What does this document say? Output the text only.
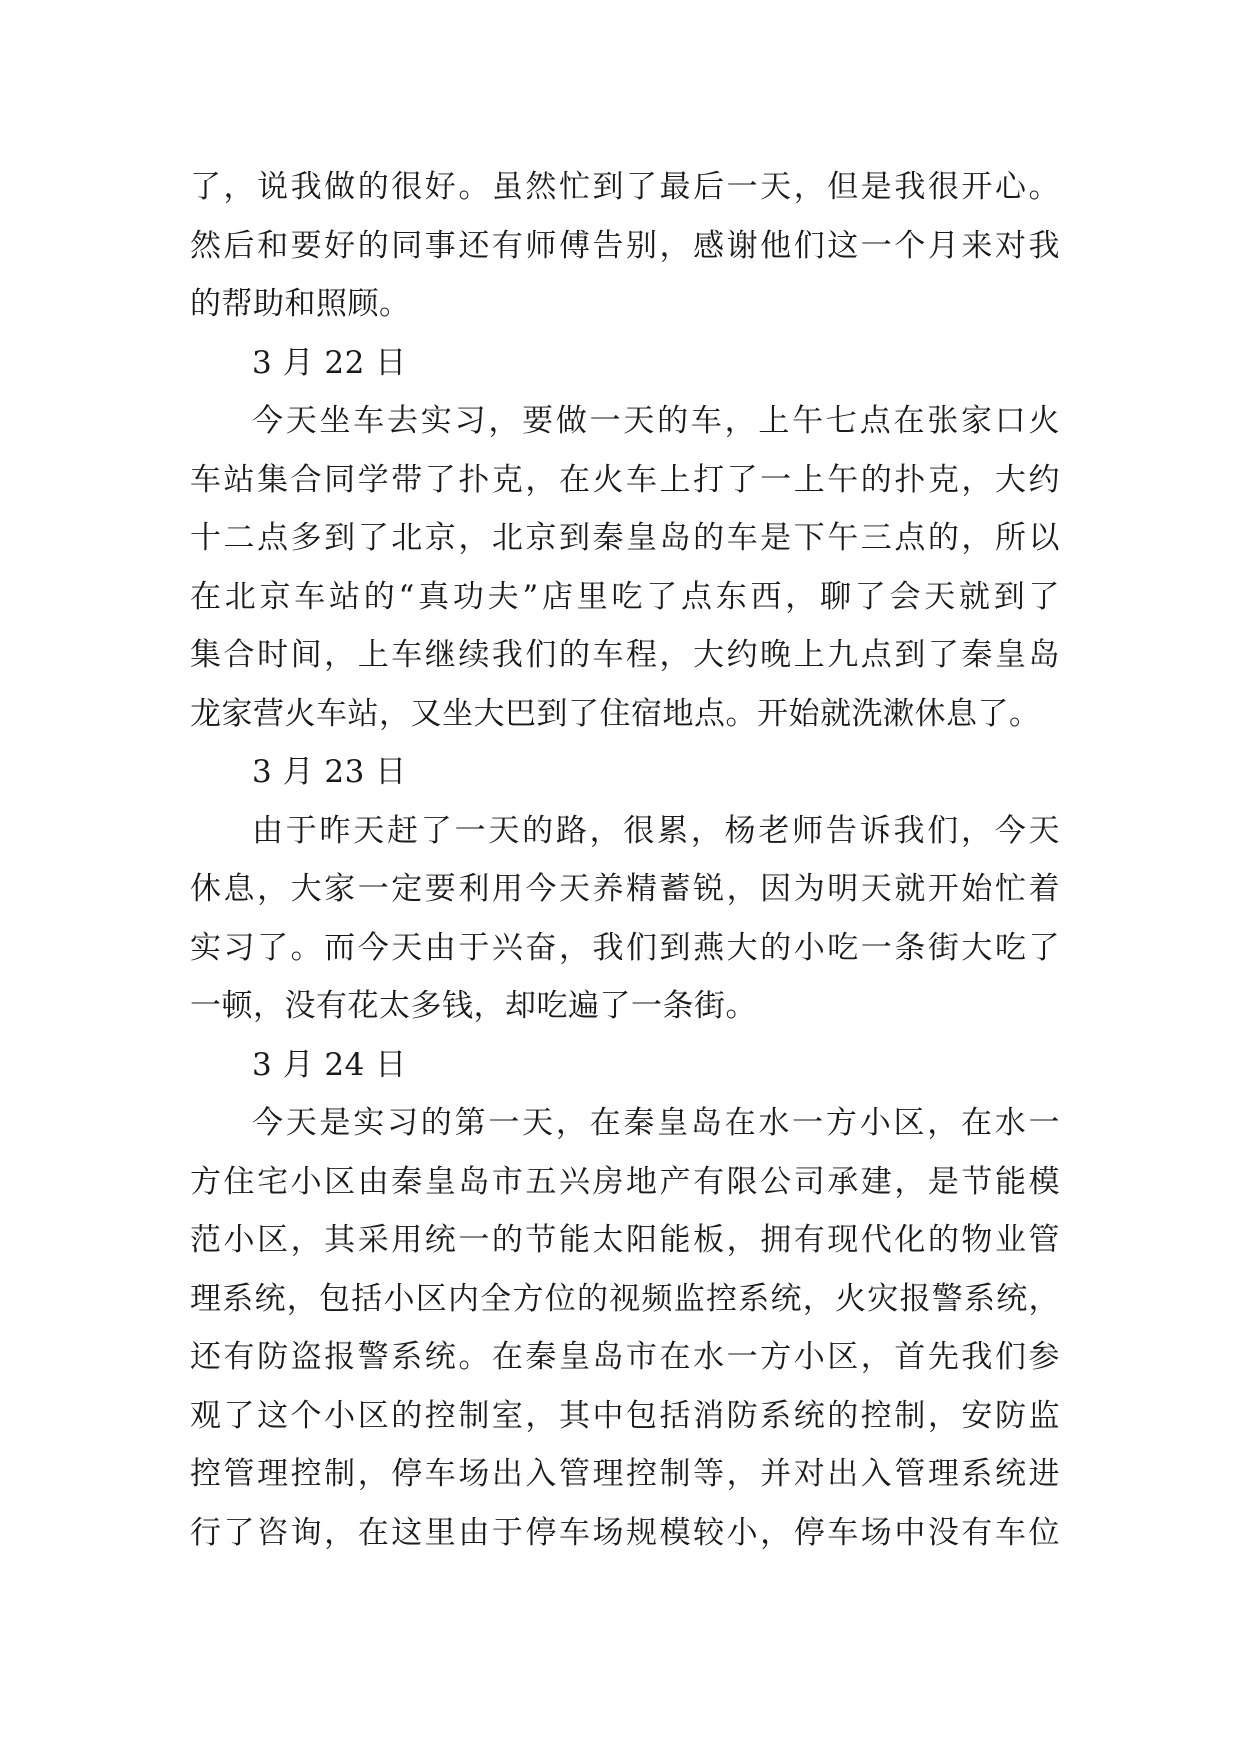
了，说我做的很好。虽然忙到了最后一天，但是我很开心。
然后和要好的同事还有师傅告别，感谢他们这一个月来对我
的帮助和照顾。
3 月 22 日
今天坐车去实习，要做一天的车，上午七点在张家口火
车站集合同学带了扑克，在火车上打了一上午的扑克，大约
十二点多到了北京，北京到秦皇岛的车是下午三点的，所以
在北京车站的“真功夫”店里吃了点东西，聊了会天就到了
集合时间，上车继续我们的车程，大约晚上九点到了秦皇岛
龙家营火车站，又坐大巴到了住宿地点。开始就洗漱休息了。
3 月 23 日
由于昨天赶了一天的路，很累，杨老师告诉我们，今天
休息，大家一定要利用今天养精蓄锐，因为明天就开始忙着
实习了。而今天由于兴奋，我们到燕大的小吃一条街大吃了
一顿，没有花太多钱，却吃遍了一条街。
3 月 24 日
今天是实习的第一天，在秦皇岛在水一方小区，在水一
方住宅小区由秦皇岛市五兴房地产有限公司承建，是节能模
范小区，其采用统一的节能太阳能板，拥有现代化的物业管
理系统，包括小区内全方位的视频监控系统，火灾报警系统，
还有防盗报警系统。在秦皇岛市在水一方小区，首先我们参
观了这个小区的控制室，其中包括消防系统的控制，安防监
控管理控制，停车场出入管理控制等，并对出入管理系统进
行了咨询，在这里由于停车场规模较小，停车场中没有车位
